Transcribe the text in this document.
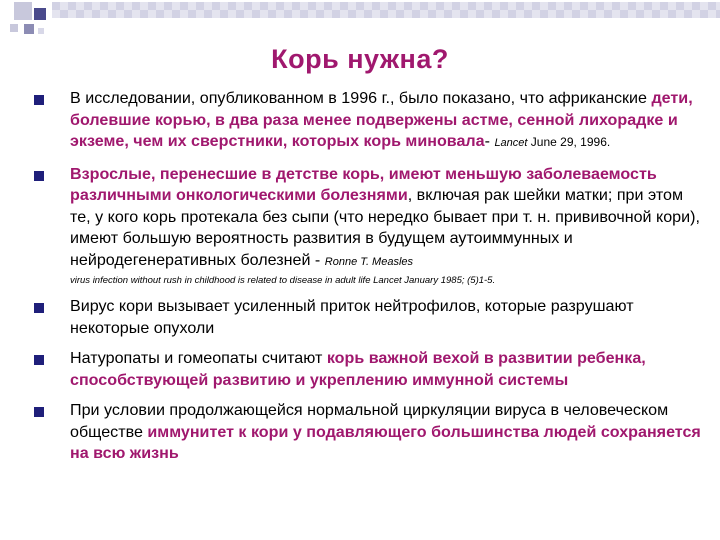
Корь нужна?
В исследовании, опубликованном в 1996 г., было показано, что африканские дети, болевшие корью, в два раза менее подвержены астме, сенной лихорадке и экземе, чем их сверстники, которых корь миновала- Lancet June 29, 1996.
Взрослые, перенесшие в детстве корь, имеют меньшую заболеваемость различными онкологическими болезнями, включая рак шейки матки; при этом те, у кого корь протекала без сыпи (что нередко бывает при т. н. прививочной кори), имеют большую вероятность развития в будущем аутоиммунных и нейродегенеративных болезней - Ronne T. Measles
virus infection without rush in childhood is related to disease in adult life Lancet January 1985; (5)1-5.
Вирус кори вызывает усиленный приток нейтрофилов, которые разрушают некоторые опухоли
Натуропаты и гомеопаты считают корь важной вехой в развитии ребенка, способствующей развитию и укреплению иммунной системы
При условии продолжающейся нормальной циркуляции вируса в человеческом обществе иммунитет к кори у подавляющего большинства людей сохраняется на всю жизнь
